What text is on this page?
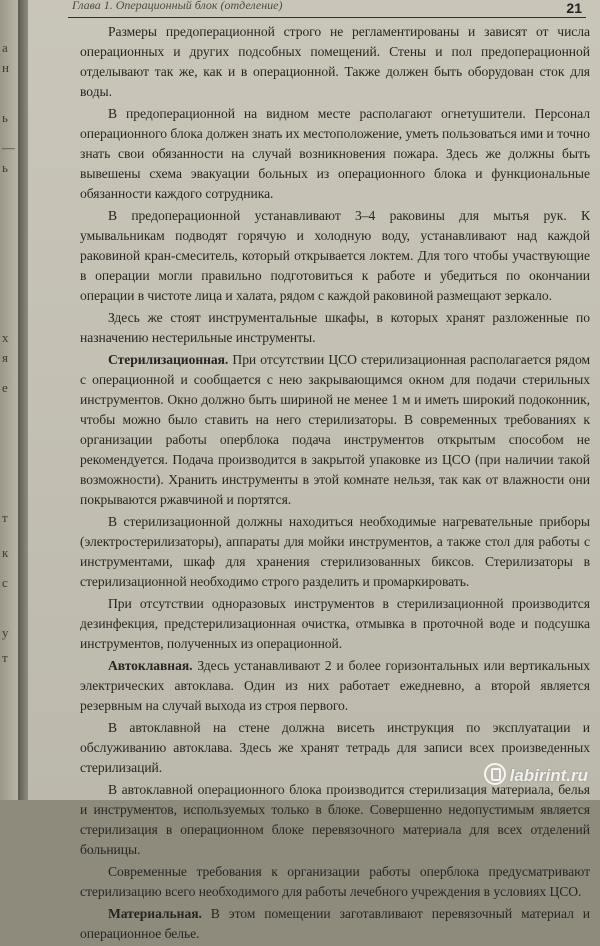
а
н
ь
—
ь
х
я
е
т
к
с
у
т
Глава 1. Операционный блок (отделение)	21

Размеры предоперационной строго не регламентированы и зависят от числа операционных и других подсобных помещений. Стены и пол предоперационной отделывают так же, как и в операционной. Также должен быть оборудован сток для воды.

В предоперационной на видном месте располагают огнетушители. Персонал операционного блока должен знать их местоположение, уметь пользоваться ими и точно знать свои обязанности на случай возникновения пожара. Здесь же должны быть вывешены схема эвакуации больных из операционного блока и функциональные обязанности каждого сотрудника.

В предоперационной устанавливают 3–4 раковины для мытья рук. К умывальникам подводят горячую и холодную воду, устанавливают над каждой раковиной кран-смеситель, который открывается локтем. Для того чтобы участвующие в операции могли правильно подготовиться к работе и убедиться по окончании операции в чистоте лица и халата, рядом с каждой раковиной размещают зеркало.

Здесь же стоят инструментальные шкафы, в которых хранят разложенные по назначению нестерильные инструменты.

Стерилизационная. При отсутствии ЦСО стерилизационная располагается рядом с операционной и сообщается с нею закрывающимся окном для подачи стерильных инструментов. Окно должно быть шириной не менее 1 м и иметь широкий подоконник, чтобы можно было ставить на него стерилизаторы. В современных требованиях к организации работы оперблока подача инструментов открытым способом не рекомендуется. Подача производится в закрытой упаковке из ЦСО (при наличии такой возможности). Хранить инструменты в этой комнате нельзя, так как от влажности они покрываются ржавчиной и портятся.

В стерилизационной должны находиться необходимые нагревательные приборы (электростерилизаторы), аппараты для мойки инструментов, а также стол для работы с инструментами, шкаф для хранения стерилизованных биксов. Стерилизаторы в стерилизационной необходимо строго разделить и промаркировать.

При отсутствии одноразовых инструментов в стерилизационной производится дезинфекция, предстерилизационная очистка, отмывка в проточной воде и подсушка инструментов, полученных из операционной.

Автоклавная. Здесь устанавливают 2 и более горизонтальных или вертикальных электрических автоклава. Один из них работает ежедневно, а второй является резервным на случай выхода из строя первого.

В автоклавной на стене должна висеть инструкция по эксплуатации и обслуживанию автоклава. Здесь же хранят тетрадь для записи всех произведенных стерилизаций.

В автоклавной операционного блока производится стерилизация материала, белья и инструментов, используемых только в блоке. Совершенно недопустимым является стерилизация в операционном блоке перевязочного материала для всех отделений больницы.

Современные требования к организации работы оперблока предусматривают стерилизацию всего необходимого для работы лечебного учреждения в условиях ЦСО.

Материальная. В этом помещении заготавливают перевязочный материал и операционное белье.

labirint.ru
